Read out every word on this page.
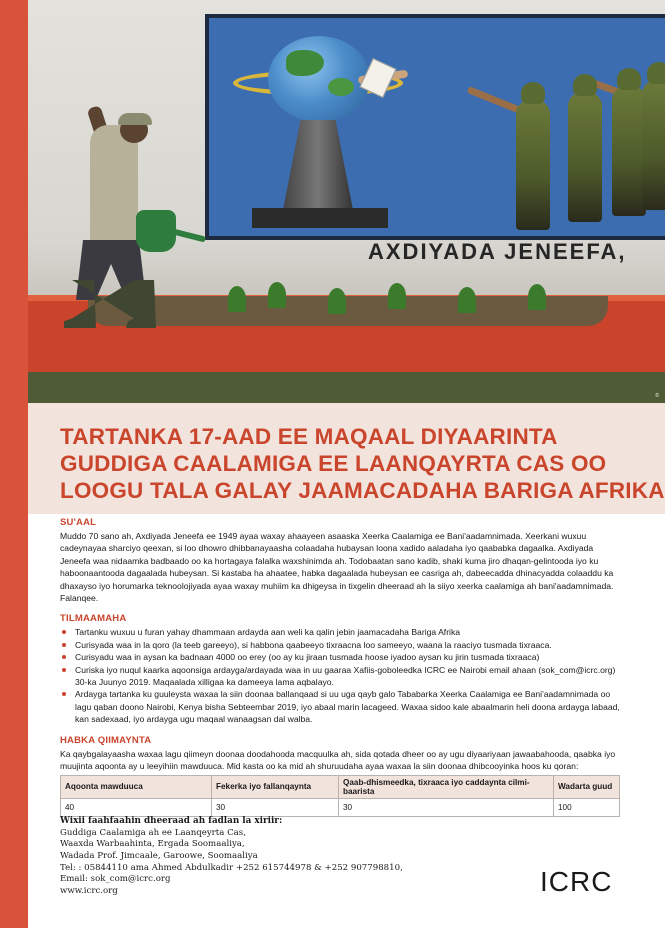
AXDIYADA JENEEFA,
©
TARTANKA 17-AAD EE MAQAAL DIYAARINTA
GUDDIGA CAALAMIGA EE LAANQAYRTA CAS OO
LOOGU TALA GALAY JAAMACADAHA BARIGA AFRIKA
SU'AAL

Muddo 70 sano ah, Axdiyada Jeneefa ee 1949 ayaa waxay ahaayeen asaaska Xeerka Caalamiga ee Bani'aadamnimada. Xeerkani wuxuu cadeynayaa sharciyo qeexan, si loo dhowro dhibbanayaasha colaadaha hubaysan loona xadido aaladaha iyo qaababka dagaalka. Axdiyada Jeneefa waa nidaamka badbaado oo ka hortagaya falalka waxshinimda ah. Todobaatan sano kadib, shaki kuma jiro dhaqan-gelintooda iyo ku haboonaantooda dagaalada hubeysan. Si kastaba ha ahaatee, habka dagaalada hubeysan ee casriga ah, dabeecadda dhinacyadda colaaddu ka dhaxayso iyo horumarka teknoolojiyada ayaa waxay muhiim ka dhigeysa in tixgelin dheeraad ah la siiyo xeerka caalamiga ah bani'aadamnimada. Falanqee.

TILMAAMAHA
Tartanku wuxuu u furan yahay dhammaan ardayda aan weli ka qalin jebin jaamacadaha Bariga Afrika
Curisyada waa in la qoro (la teeb gareeyo), si habbona qaabeeyo tixraacna loo sameeyo, waana la raaciyo tusmada tixraaca.
Curisyadu waa in aysan ka badnaan 4000 oo erey (oo ay ku jiraan tusmada hoose iyadoo aysan ku jirin tusmada tixraaca)
Curiska iyo nuqul kaarka aqoonsiga ardayga/ardayada waa in uu gaaraa Xafiis-goboleedka ICRC ee Nairobi email ahaan (sok_com@icrc.org) 30-ka Juunyo 2019. Maqaalada xilligaa ka dameeya lama aqbalayo.
Ardayga tartanka ku guuleysta waxaa la siin doonaa ballanqaad si uu uga qayb galo Tababarka Xeerka Caalamiga ee Bani'aadamnimada oo lagu qaban doono Nairobi, Kenya bisha Sebteembar 2019, iyo abaal marin lacageed. Waxaa sidoo kale abaalmarin heli doona ardayga labaad, kan sadexaad, iyo ardayga ugu maqaal wanaagsan dal walba.
HABKA QIIMAYNTA

Ka qaybgalayaasha waxaa lagu qiimeyn doonaa doodahooda macquulka ah, sida qotada dheer oo ay ugu diyaariyaan jawaabahooda, qaabka iyo muujinta aqoonta ay u leeyihiin mawduuca. Mid kasta oo ka mid ah shuruudaha ayaa waxaa la siin doonaa dhibcooyinka hoos ku qoran:

Aqoonta mawduuca	Fekerka iyo fallanqaynta	Qaab-dhismeedka, tixraaca iyo caddaynta cilmi-baarista	Wadarta guud
40	30	30	100
Wixii faahfaahin dheeraad ah fadlan la xiriir:
Guddiga Caalamiga ah ee Laanqeyrta Cas,
Waaxda Warbaahinta, Ergada Soomaaliya,
Wadada Prof. Jimcaale, Garoowe, Soomaaliya
Tel: : 05844110 ama Ahmed Abdulkadir +252 615744978 & +252 907798810,
Email: sok_com@icrc.org
www.icrc.org	ICRC
